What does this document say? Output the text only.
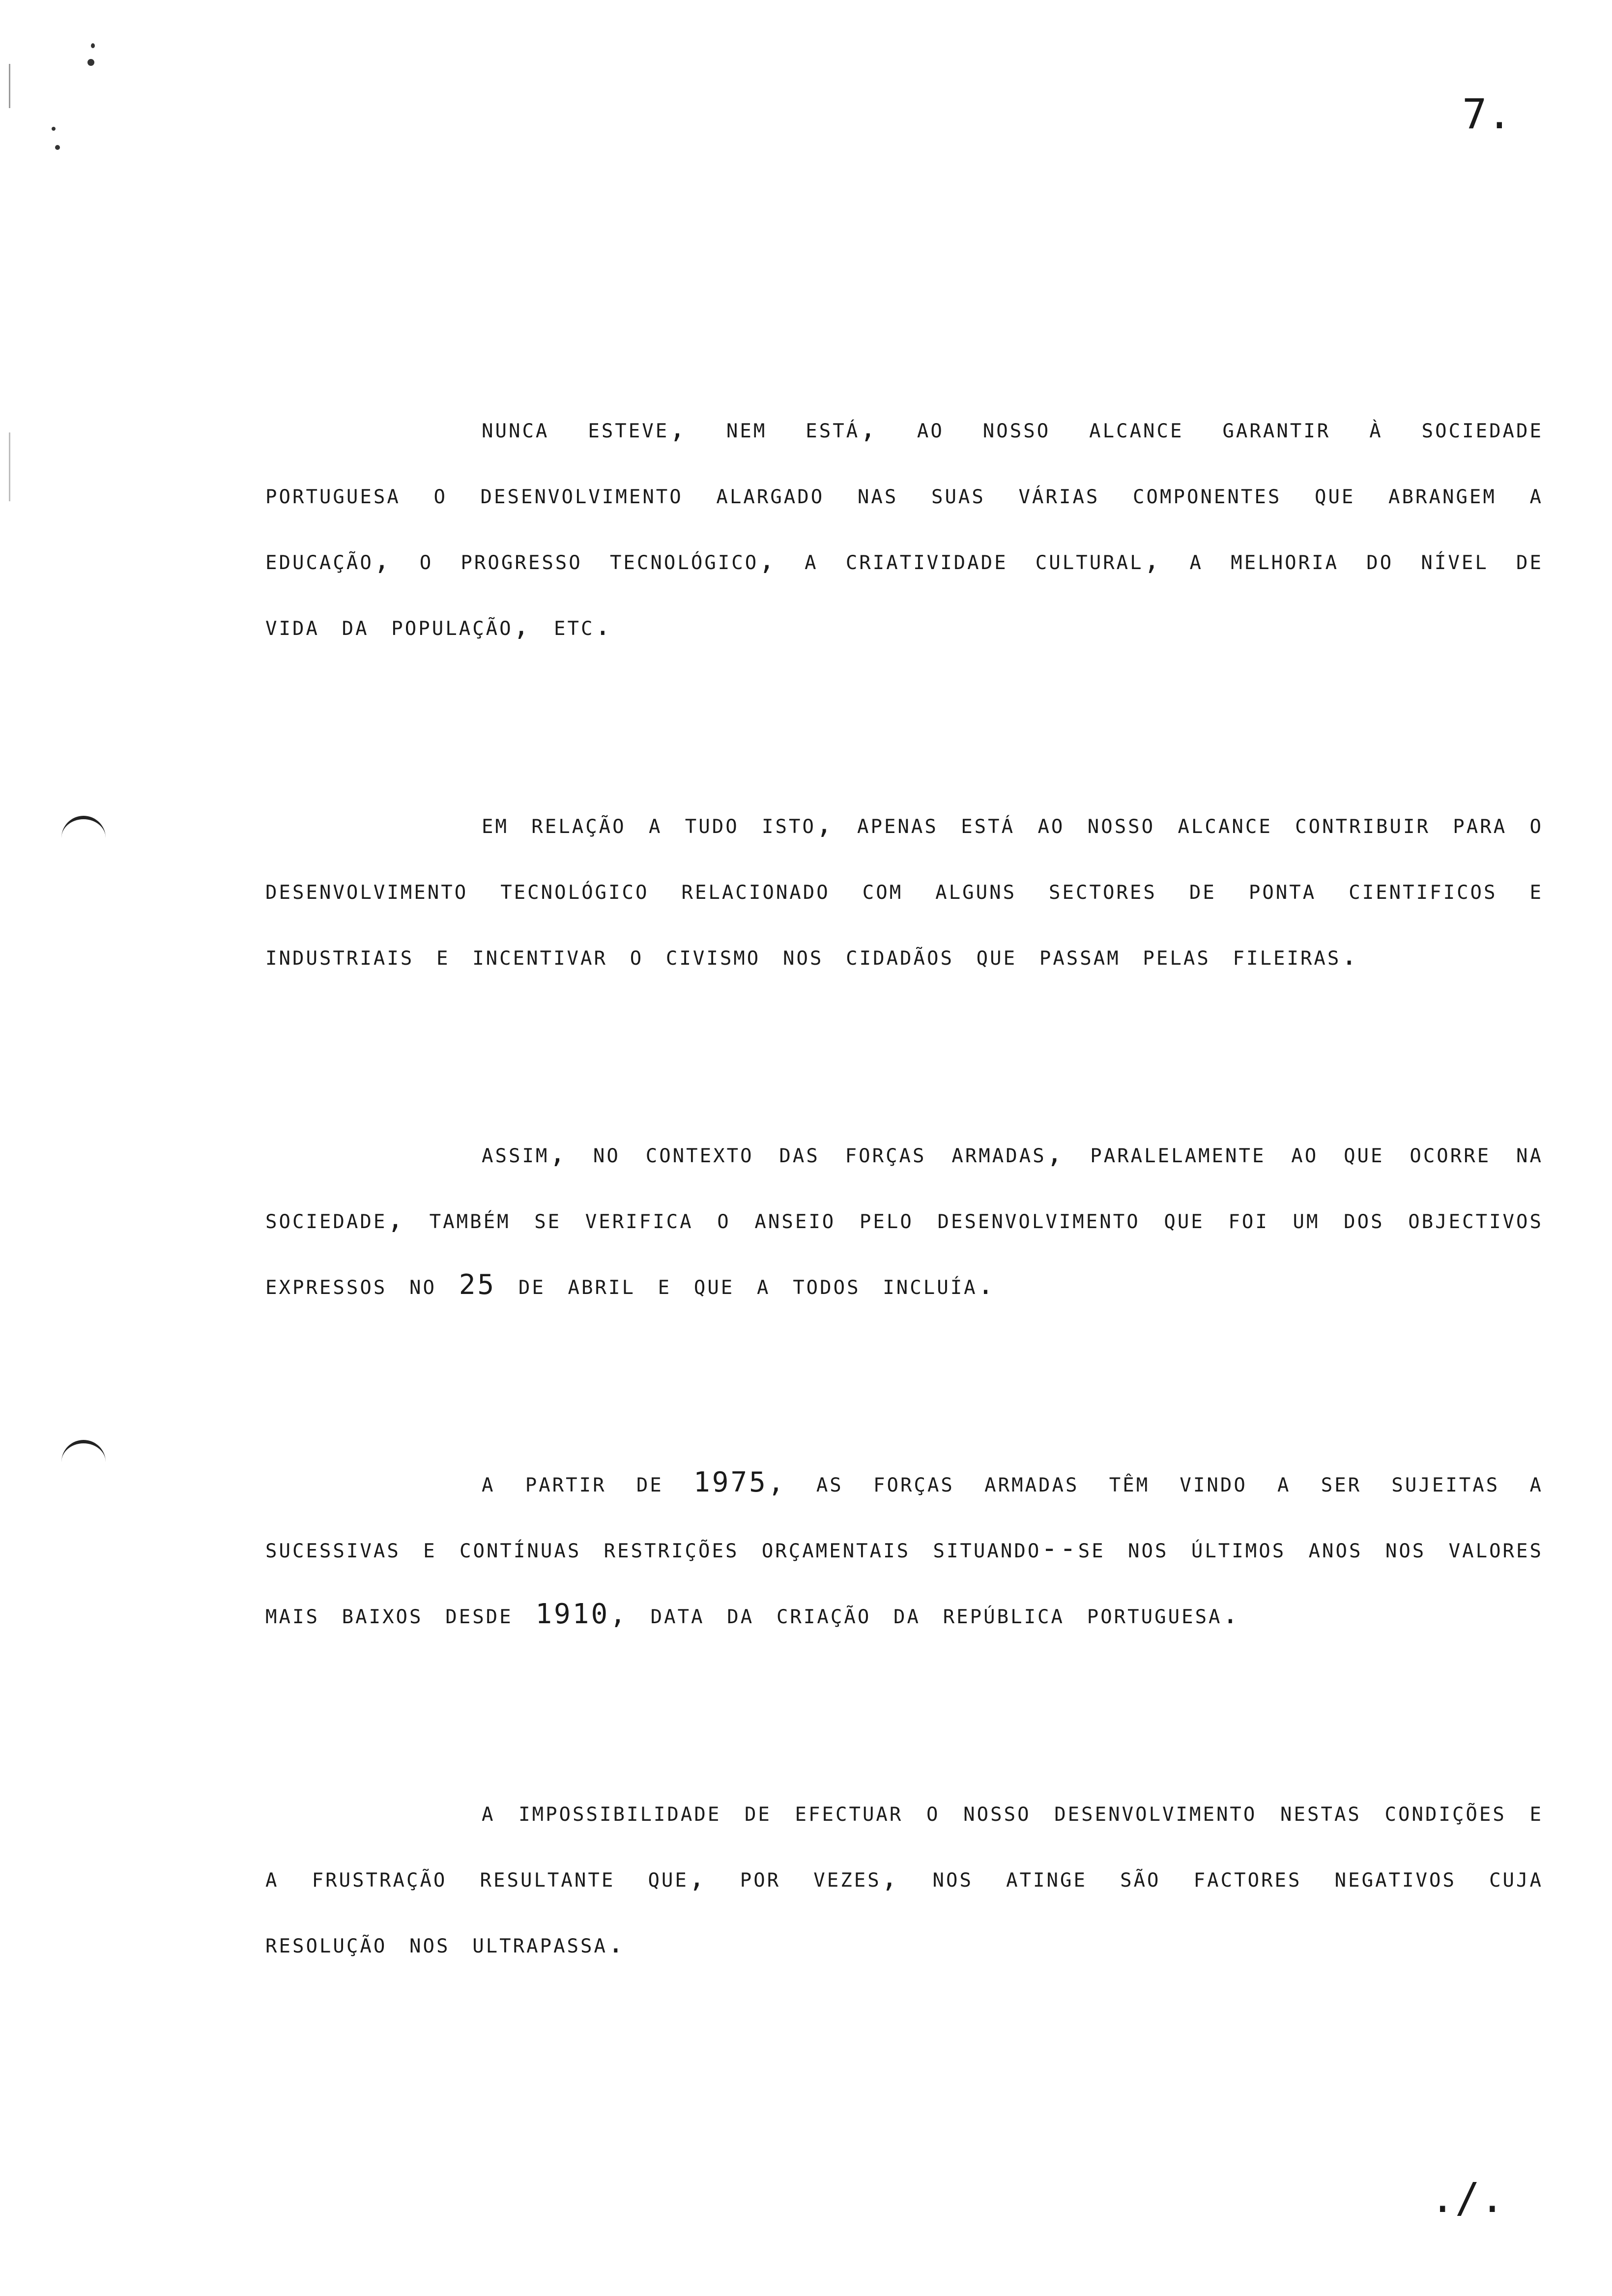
7.

nunca esteve, nem está, ao nosso alcance garantir à sociedade portuguesa o desenvolvimento alargado nas suas várias componentes que abrangem a educação, o progresso tecnológico, a criatividade cultural, a melhoria do nível de vida da população, etc.

em relação a tudo isto, apenas está ao nosso alcance contribuir para o desenvolvimento tecnológico relacionado com alguns sectores de ponta cientificos e industriais e incentivar o civismo nos cidadãos que passam pelas fileiras.

assim, no contexto das forças armadas, paralelamente ao que ocorre na sociedade, também se verifica o anseio pelo desenvolvimento que foi um dos objectivos expressos no 25 de abril e que a todos incluía.

a partir de 1975, as forças armadas têm vindo a ser sujeitas a sucessivas e contínuas restrições orçamentais situando--se nos últimos anos nos valores mais baixos desde 1910, data da criação da república portuguesa.

a impossibilidade de efectuar o nosso desenvolvimento nestas condições e a frustração resultante que, por vezes, nos atinge são factores negativos cuja resolução nos ultrapassa.

./.
